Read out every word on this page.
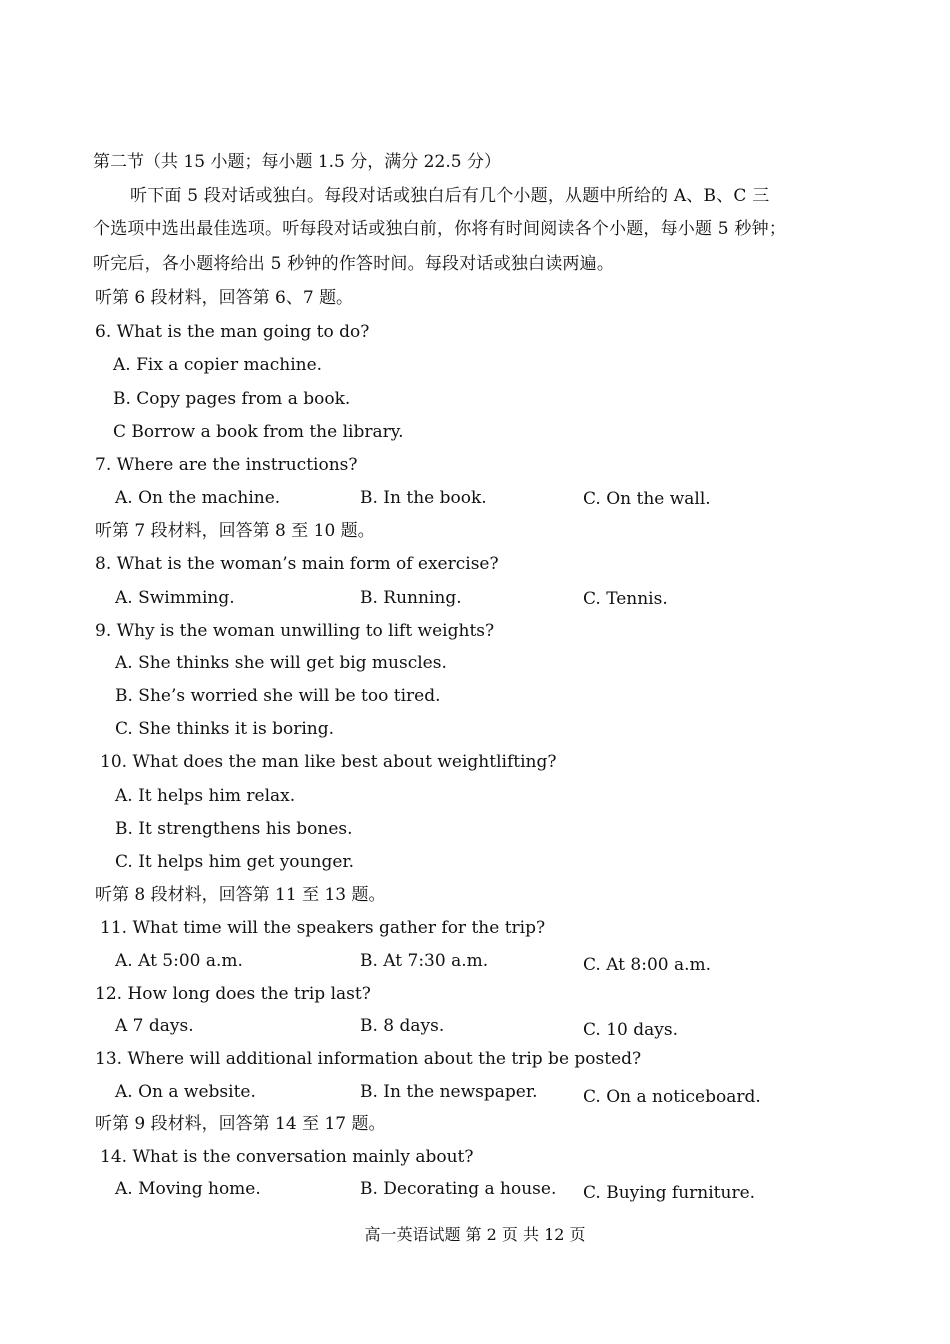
第二节（共 15 小题；每小题 1.5 分，满分 22.5 分）
听下面 5 段对话或独白。每段对话或独白后有几个小题，从题中所给的 A、B、C 三
个选项中选出最佳选项。听每段对话或独白前，你将有时间阅读各个小题，每小题 5 秒钟；
听完后，各小题将给出 5 秒钟的作答时间。每段对话或独白读两遍。
听第 6 段材料，回答第 6、7 题。
6. What is the man going to do?
A. Fix a copier machine.
B. Copy pages from a book.
C Borrow a book from the library.
7. Where are the instructions?
A. On the machine.	B. In the book.	C. On the wall.
听第 7 段材料，回答第 8 至 10 题。
8. What is the woman’s main form of exercise?
A. Swimming.	B. Running.	C. Tennis.
9. Why is the woman unwilling to lift weights?
A. She thinks she will get big muscles.
B. She’s worried she will be too tired.
C. She thinks it is boring.
10. What does the man like best about weightlifting?
A. It helps him relax.
B. It strengthens his bones.
C. It helps him get younger.
听第 8 段材料，回答第 11 至 13 题。
11. What time will the speakers gather for the trip?
A. At 5:00 a.m.	B. At 7:30 a.m.	C. At 8:00 a.m.
12. How long does the trip last?
A 7 days.	B. 8 days.	C. 10 days.
13. Where will additional information about the trip be posted?
A. On a website.	B. In the newspaper.	C. On a noticeboard.
听第 9 段材料，回答第 14 至 17 题。
14. What is the conversation mainly about?
A. Moving home.	B. Decorating a house. C. Buying furniture.
高一英语试题 第 2 页 共 12 页
